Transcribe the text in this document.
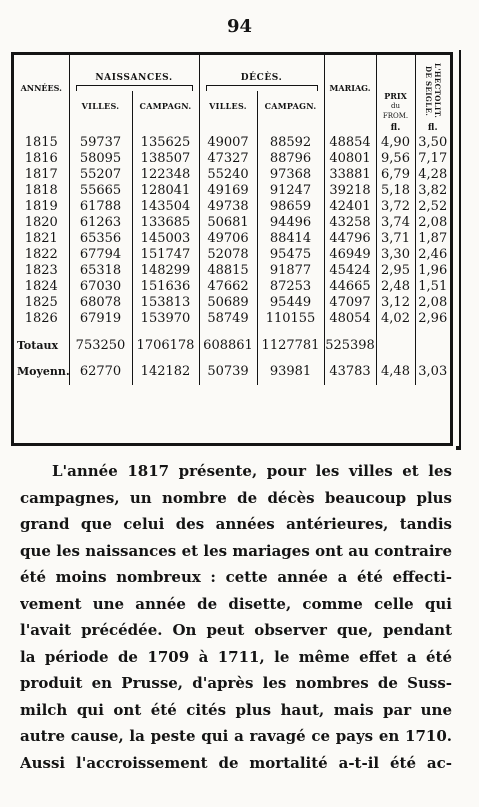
94
ANNÉES.	NAISSANCES.		DÉCÈS.		MARIAG.	PRIX
du
FROM.	L'HECTOLIT. DE SEIGLE.

	VILLES.	CAMPAGN.	VILLES.	CAMPAGN.			
						fl.	fl.
1815	59737	135625	49007	88592	48854	4,90	3,50
1816	58095	138507	47327	88796	40801	9,56	7,17
1817	55207	122348	55240	97368	33881	6,79	4,28
1818	55665	128041	49169	91247	39218	5,18	3,82
1819	61788	143504	49738	98659	42401	3,72	2,52
1820	61263	133685	50681	94496	43258	3,74	2,08
1821	65356	145003	49706	88414	44796	3,71	1,87
1822	67794	151747	52078	95475	46949	3,30	2,46
1823	65318	148299	48815	91877	45424	2,95	1,96
1824	67030	151636	47662	87253	44665	2,48	1,51
1825	68078	153813	50689	95449	47097	3,12	2,08
1826	67919	153970	58749	110155	48054	4,02	2,96

Totaux	753250	1706178	608861	1127781	525398		
Moyenn.	62770	142182	50739	93981	43783	4,48	3,03
L'année 1817 présente, pour les villes et les
campagnes, un nombre de décès beaucoup plus
grand que celui des années antérieures, tandis
que les naissances et les mariages ont au contraire
été moins nombreux : cette année a été effecti-
vement une année de disette, comme celle qui
l'avait précédée. On peut observer que, pendant
la période de 1709 à 1711, le même effet a été
produit en Prusse, d'après les nombres de Suss-
milch qui ont été cités plus haut, mais par une
autre cause, la peste qui a ravagé ce pays en 1710.
Aussi l'accroissement de mortalité a-t-il été ac-
